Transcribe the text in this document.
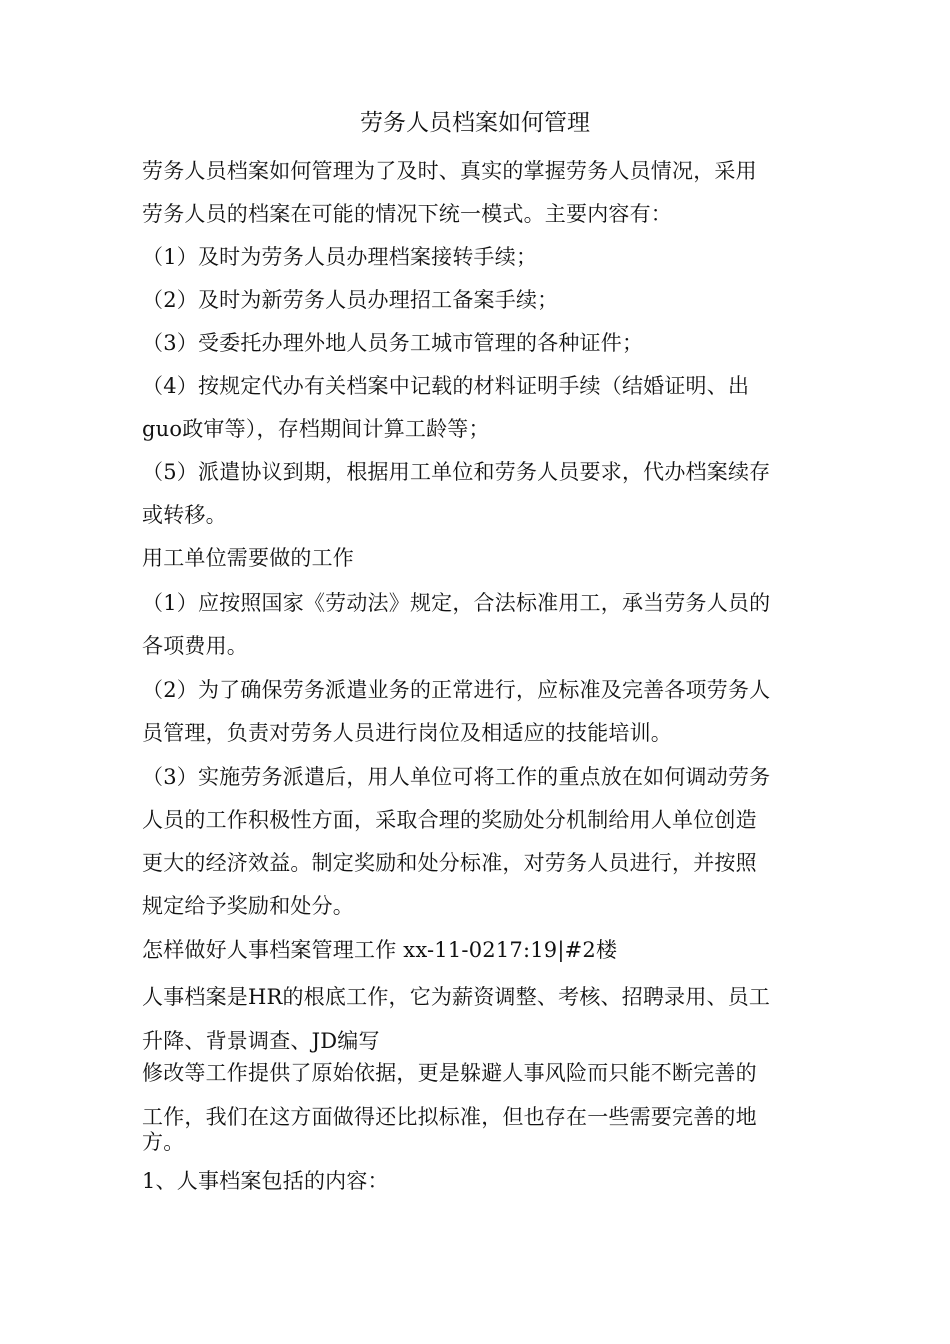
劳务人员档案如何管理
劳务人员档案如何管理为了及时、真实的掌握劳务人员情况，采用
劳务人员的档案在可能的情况下统一模式。主要内容有：
（1）及时为劳务人员办理档案接转手续；
（2）及时为新劳务人员办理招工备案手续；
（3）受委托办理外地人员务工城市管理的各种证件；
（4）按规定代办有关档案中记载的材料证明手续（结婚证明、出
guo政审等），存档期间计算工龄等；
（5）派遣协议到期，根据用工单位和劳务人员要求，代办档案续存
或转移。
用工单位需要做的工作
（1）应按照国家《劳动法》规定，合法标准用工，承当劳务人员的
各项费用。
（2）为了确保劳务派遣业务的正常进行，应标准及完善各项劳务人
员管理，负责对劳务人员进行岗位及相适应的技能培训。
（3）实施劳务派遣后，用人单位可将工作的重点放在如何调动劳务
人员的工作积极性方面，采取合理的奖励处分机制给用人单位创造
更大的经济效益。制定奖励和处分标准，对劳务人员进行，并按照
规定给予奖励和处分。
怎样做好人事档案管理工作 xx-11-0217:19|#2楼
人事档案是HR的根底工作，它为薪资调整、考核、招聘录用、员工
升降、背景调查、JD编写
修改等工作提供了原始依据，更是躲避人事风险而只能不断完善的
工作，我们在这方面做得还比拟标准，但也存在一些需要完善的地
方。
1、人事档案包括的内容：
